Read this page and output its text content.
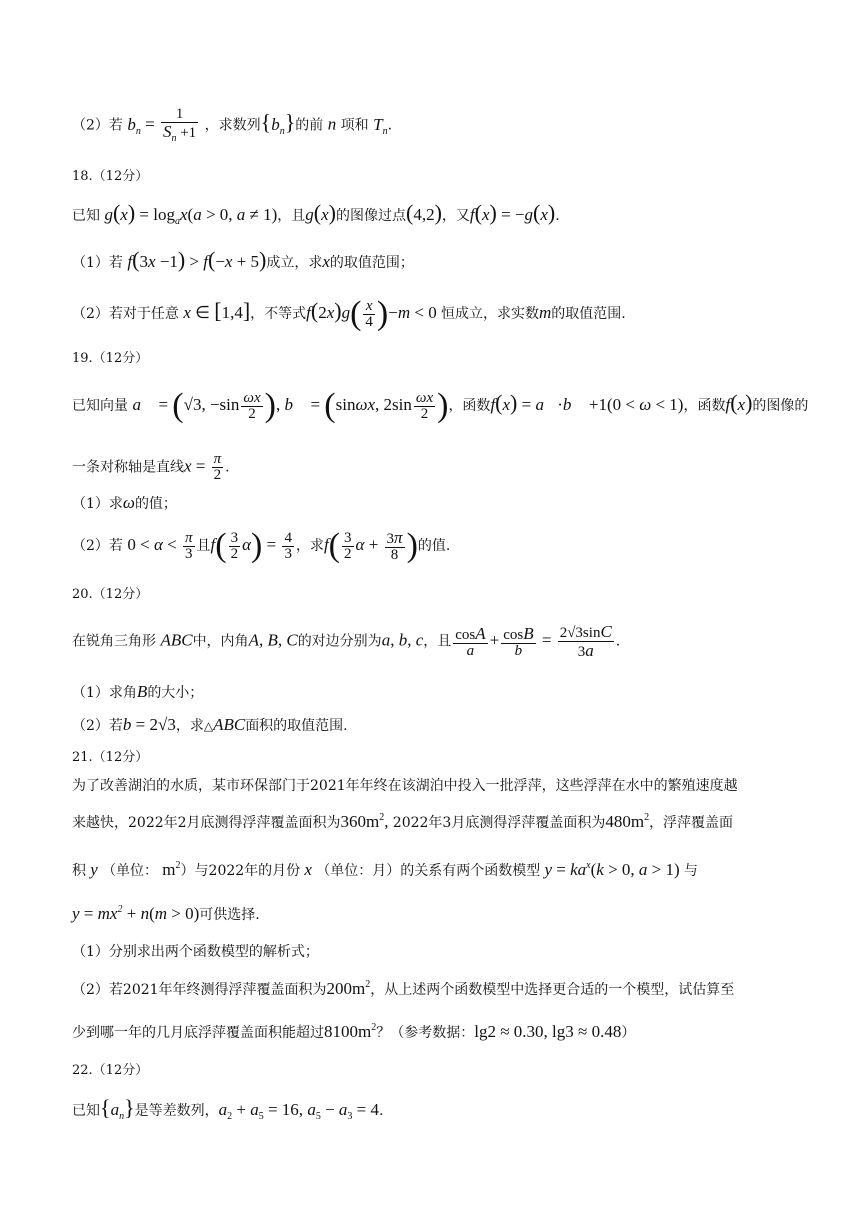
（2）若 $b_n = \frac{1}{S_n +1}$ ，求数列$\{b_n\}$的前 n 项和 $T_n$.
18.（12分）
已知 $g(x) = \log_ax(a > 0$, a ≠ 1)，且g(x)的图像过点(4,2)，又f(x) = −g(x).
（1）若 f(3x −1) > f(−x + 5)成立，求x的取值范围；
（2）若对于任意 x ∈ [1,4]，不等式$f(2x)g( \frac{x}{4} )-m < 0$ 恒成立，求实数m的取值范围.
19.（12分）
已知向量 a⃗ = (√3, $-\sin \frac{\omega x}{2}$ ), b⃗ = (sinωx, $2\sin \frac{\omega x}{2}$ )，函数f(x) = a⃗·b⃗ +1(0 < ω < 1)，函数f(x)的图像的
一条对称轴是直线$x = \frac{\pi}{2}$ .
（1）求ω的值；
（2）若 $0 < \alpha < \frac{\pi}{3}$ 且$f( \frac{3}{2} \alpha) = \frac{4}{3}$ ，求$f( \frac{3}{2}$ $\alpha + \frac{3\pi}{8}$ )的值.
20.（12分）
在锐角三角形 ABC中，内角A, B, C的对边分别为a, b, c，且 $\frac{\cos A}{a} + \frac{\cos B}{b} = \frac{2√3\sin C}{3a}$ .
（1）求角B的大小；
（2）若b = 2√3，求△ABC面积的取值范围.
21.（12分）
为了改善湖泊的水质，某市环保部门于2021年年终在该湖泊中投入一批浮萍，这些浮萍在水中的繁殖速度越
来越快，2022年2月底测得浮萍覆盖面积为$360m^2$, 2022年3月底测得浮萍覆盖面积为$480m^2$，浮萍覆盖面
积 y （单位： $m^2$）与2022年的月份 x （单位：月）的关系有两个函数模型 $y = ka^x(k > 0$, a > 1) 与
$y = mx^2 + n(m > 0)$可供选择.
（1）分别求出两个函数模型的解析式；
（2）若2021年年终测得浮萍覆盖面积为$200m^2$，从上述两个函数模型中选择更合适的一个模型，试估算至
少到哪一年的几月底浮萍覆盖面积能超过$8100m^2$？（参考数据：lg2 ≈ 0.30, lg3 ≈ 0.48）
22.（12分）
已知$\{a_n\}$是等差数列，$a_2 + a_5 = 16$, $a_5 - a_3 = 4$.
